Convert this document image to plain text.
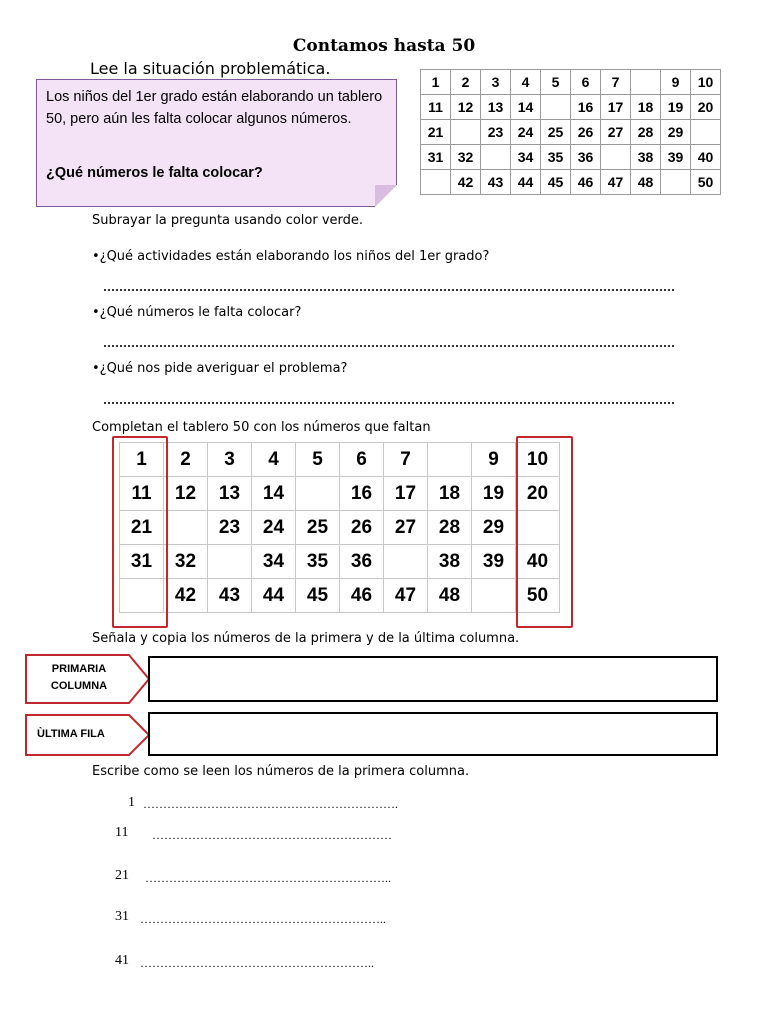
Contamos hasta 50
Lee la situación problemática.

Los niños del 1er grado están elaborando un tablero 50, pero aún les falta colocar algunos números.

¿Qué números le falta colocar?

1	2	3	4	5	6	7		9	10
11	12	13	14		16	17	18	19	20
21		23	24	25	26	27	28	29	
31	32		34	35	36		38	39	40
	42	43	44	45	46	47	48		50
Subrayar la pregunta usando color verde.
•¿Qué actividades están elaborando los niños del 1er grado?
•¿Qué números le falta colocar?
•¿Qué nos pide averiguar el problema?
Completan el tablero 50 con los números que faltan
1	2	3	4	5	6	7		9	10
11	12	13	14		16	17	18	19	20
21		23	24	25	26	27	28	29	
31	32		34	35	36		38	39	40
	42	43	44	45	46	47	48		50
Señala y copia los números de la primera y de la última columna.
PRIMARIA COLUMNA
ÙLTIMA FILA
Escribe como se leen los números de la primera columna.
1 ……………………………………………………….
11 ……………………………………………………
21 ……………………………………………………..
31 ……………………………………………………..
41 …………………………………………………..
